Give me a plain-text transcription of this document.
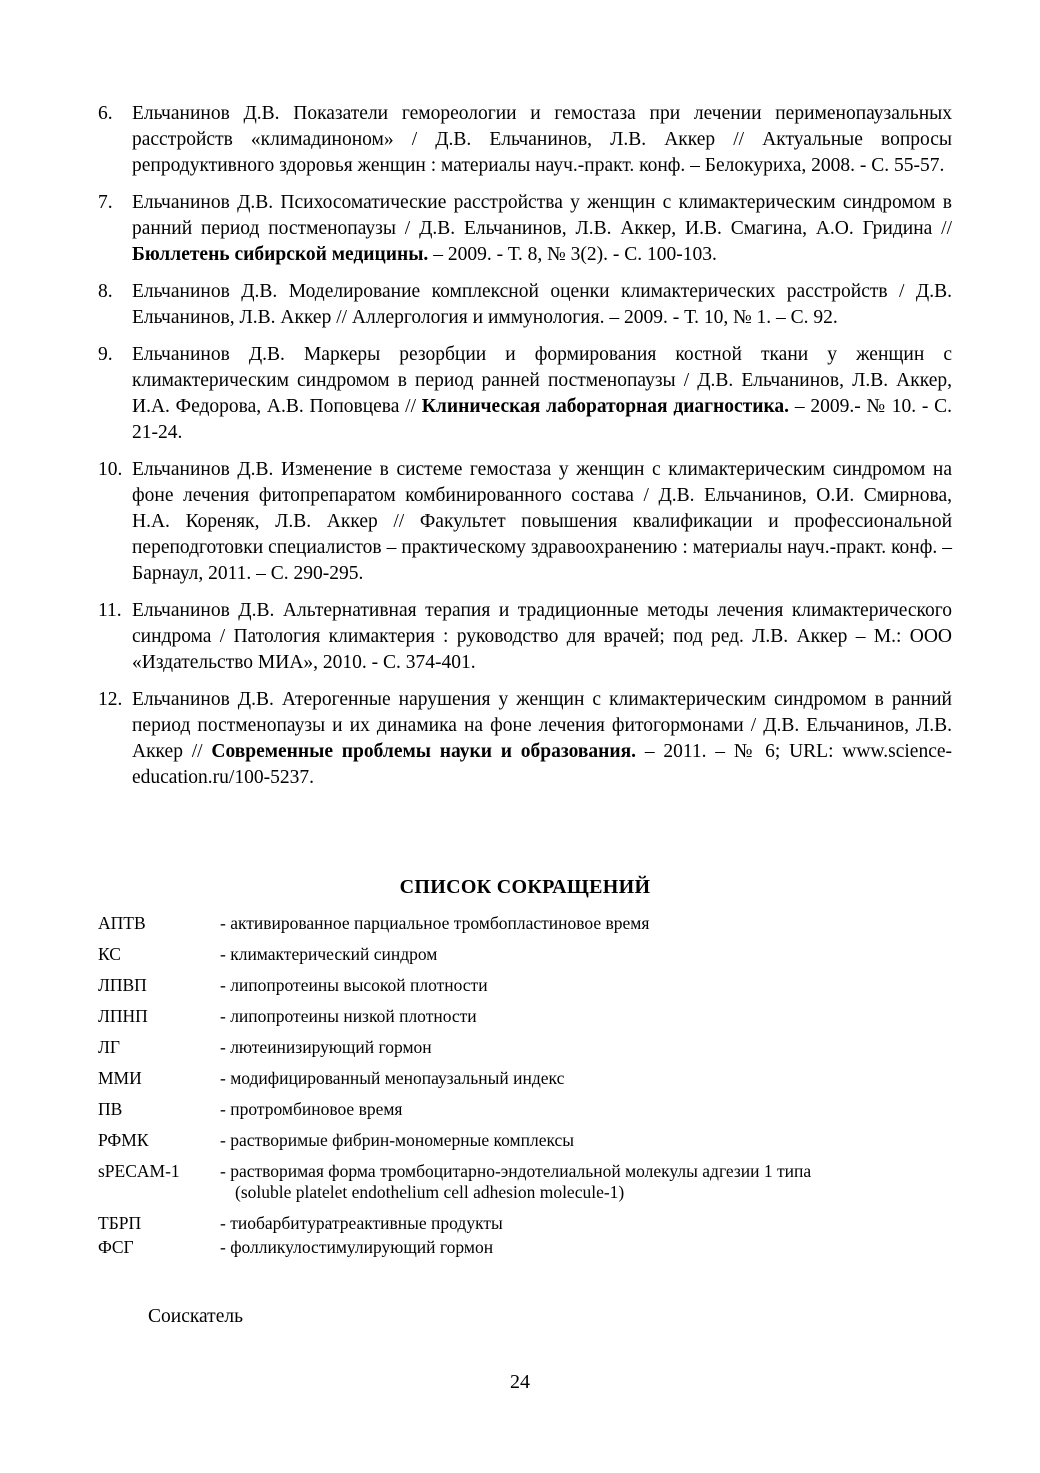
6. Ельчанинов Д.В. Показатели гемореологии и гемостаза при лечении перименопаузальных расстройств «климадиноном» / Д.В. Ельчанинов, Л.В. Аккер // Актуальные вопросы репродуктивного здоровья женщин : материалы науч.-практ. конф. – Белокуриха, 2008. - С. 55-57.
7. Ельчанинов Д.В. Психосоматические расстройства у женщин с климактерическим синдромом в ранний период постменопаузы / Д.В. Ельчанинов, Л.В. Аккер, И.В. Смагина, А.О. Гридина // Бюллетень сибирской медицины. – 2009. - Т. 8, № 3(2). - С. 100-103.
8. Ельчанинов Д.В. Моделирование комплексной оценки климактерических расстройств / Д.В. Ельчанинов, Л.В. Аккер // Аллергология и иммунология. – 2009. - Т. 10, № 1. – С. 92.
9. Ельчанинов Д.В. Маркеры резорбции и формирования костной ткани у женщин с климактерическим синдромом в период ранней постменопаузы / Д.В. Ельчанинов, Л.В. Аккер, И.А. Федорова, А.В. Поповцева // Клиническая лабораторная диагностика. – 2009.- № 10. - С. 21-24.
10. Ельчанинов Д.В. Изменение в системе гемостаза у женщин с климактерическим синдромом на фоне лечения фитопрепаратом комбинированного состава / Д.В. Ельчанинов, О.И. Смирнова, Н.А. Кореняк, Л.В. Аккер // Факультет повышения квалификации и профессиональной переподготовки специалистов – практическому здравоохранению : материалы науч.-практ. конф. – Барнаул, 2011. – С. 290-295.
11. Ельчанинов Д.В. Альтернативная терапия и традиционные методы лечения климактерического синдрома / Патология климактерия : руководство для врачей; под ред. Л.В. Аккер – М.: ООО «Издательство МИА», 2010. - С. 374-401.
12. Ельчанинов Д.В. Атерогенные нарушения у женщин с климактерическим синдромом в ранний период постменопаузы и их динамика на фоне лечения фитогормонами / Д.В. Ельчанинов, Л.В. Аккер // Современные проблемы науки и образования. – 2011. – № 6; URL: www.science-education.ru/100-5237.
СПИСОК СОКРАЩЕНИЙ
АПТВ	- активированное парциальное тромбопластиновое время
КС	- климактерический синдром
ЛПВП	- липопротеины высокой плотности
ЛПНП	- липопротеины низкой плотности
ЛГ	- лютеинизирующий гормон
ММИ	- модифицированный менопаузальный индекс
ПВ	- протромбиновое время
РФМК	- растворимые фибрин-мономерные комплексы
sPECAM-1	- растворимая форма тромбоцитарно-эндотелиальной молекулы адгезии 1 типа
(soluble platelet endothelium cell adhesion molecule-1)
ТБРП	- тиобарбитуратреактивные продукты
ФСГ	- фолликулостимулирующий гормон
Соискатель
24
